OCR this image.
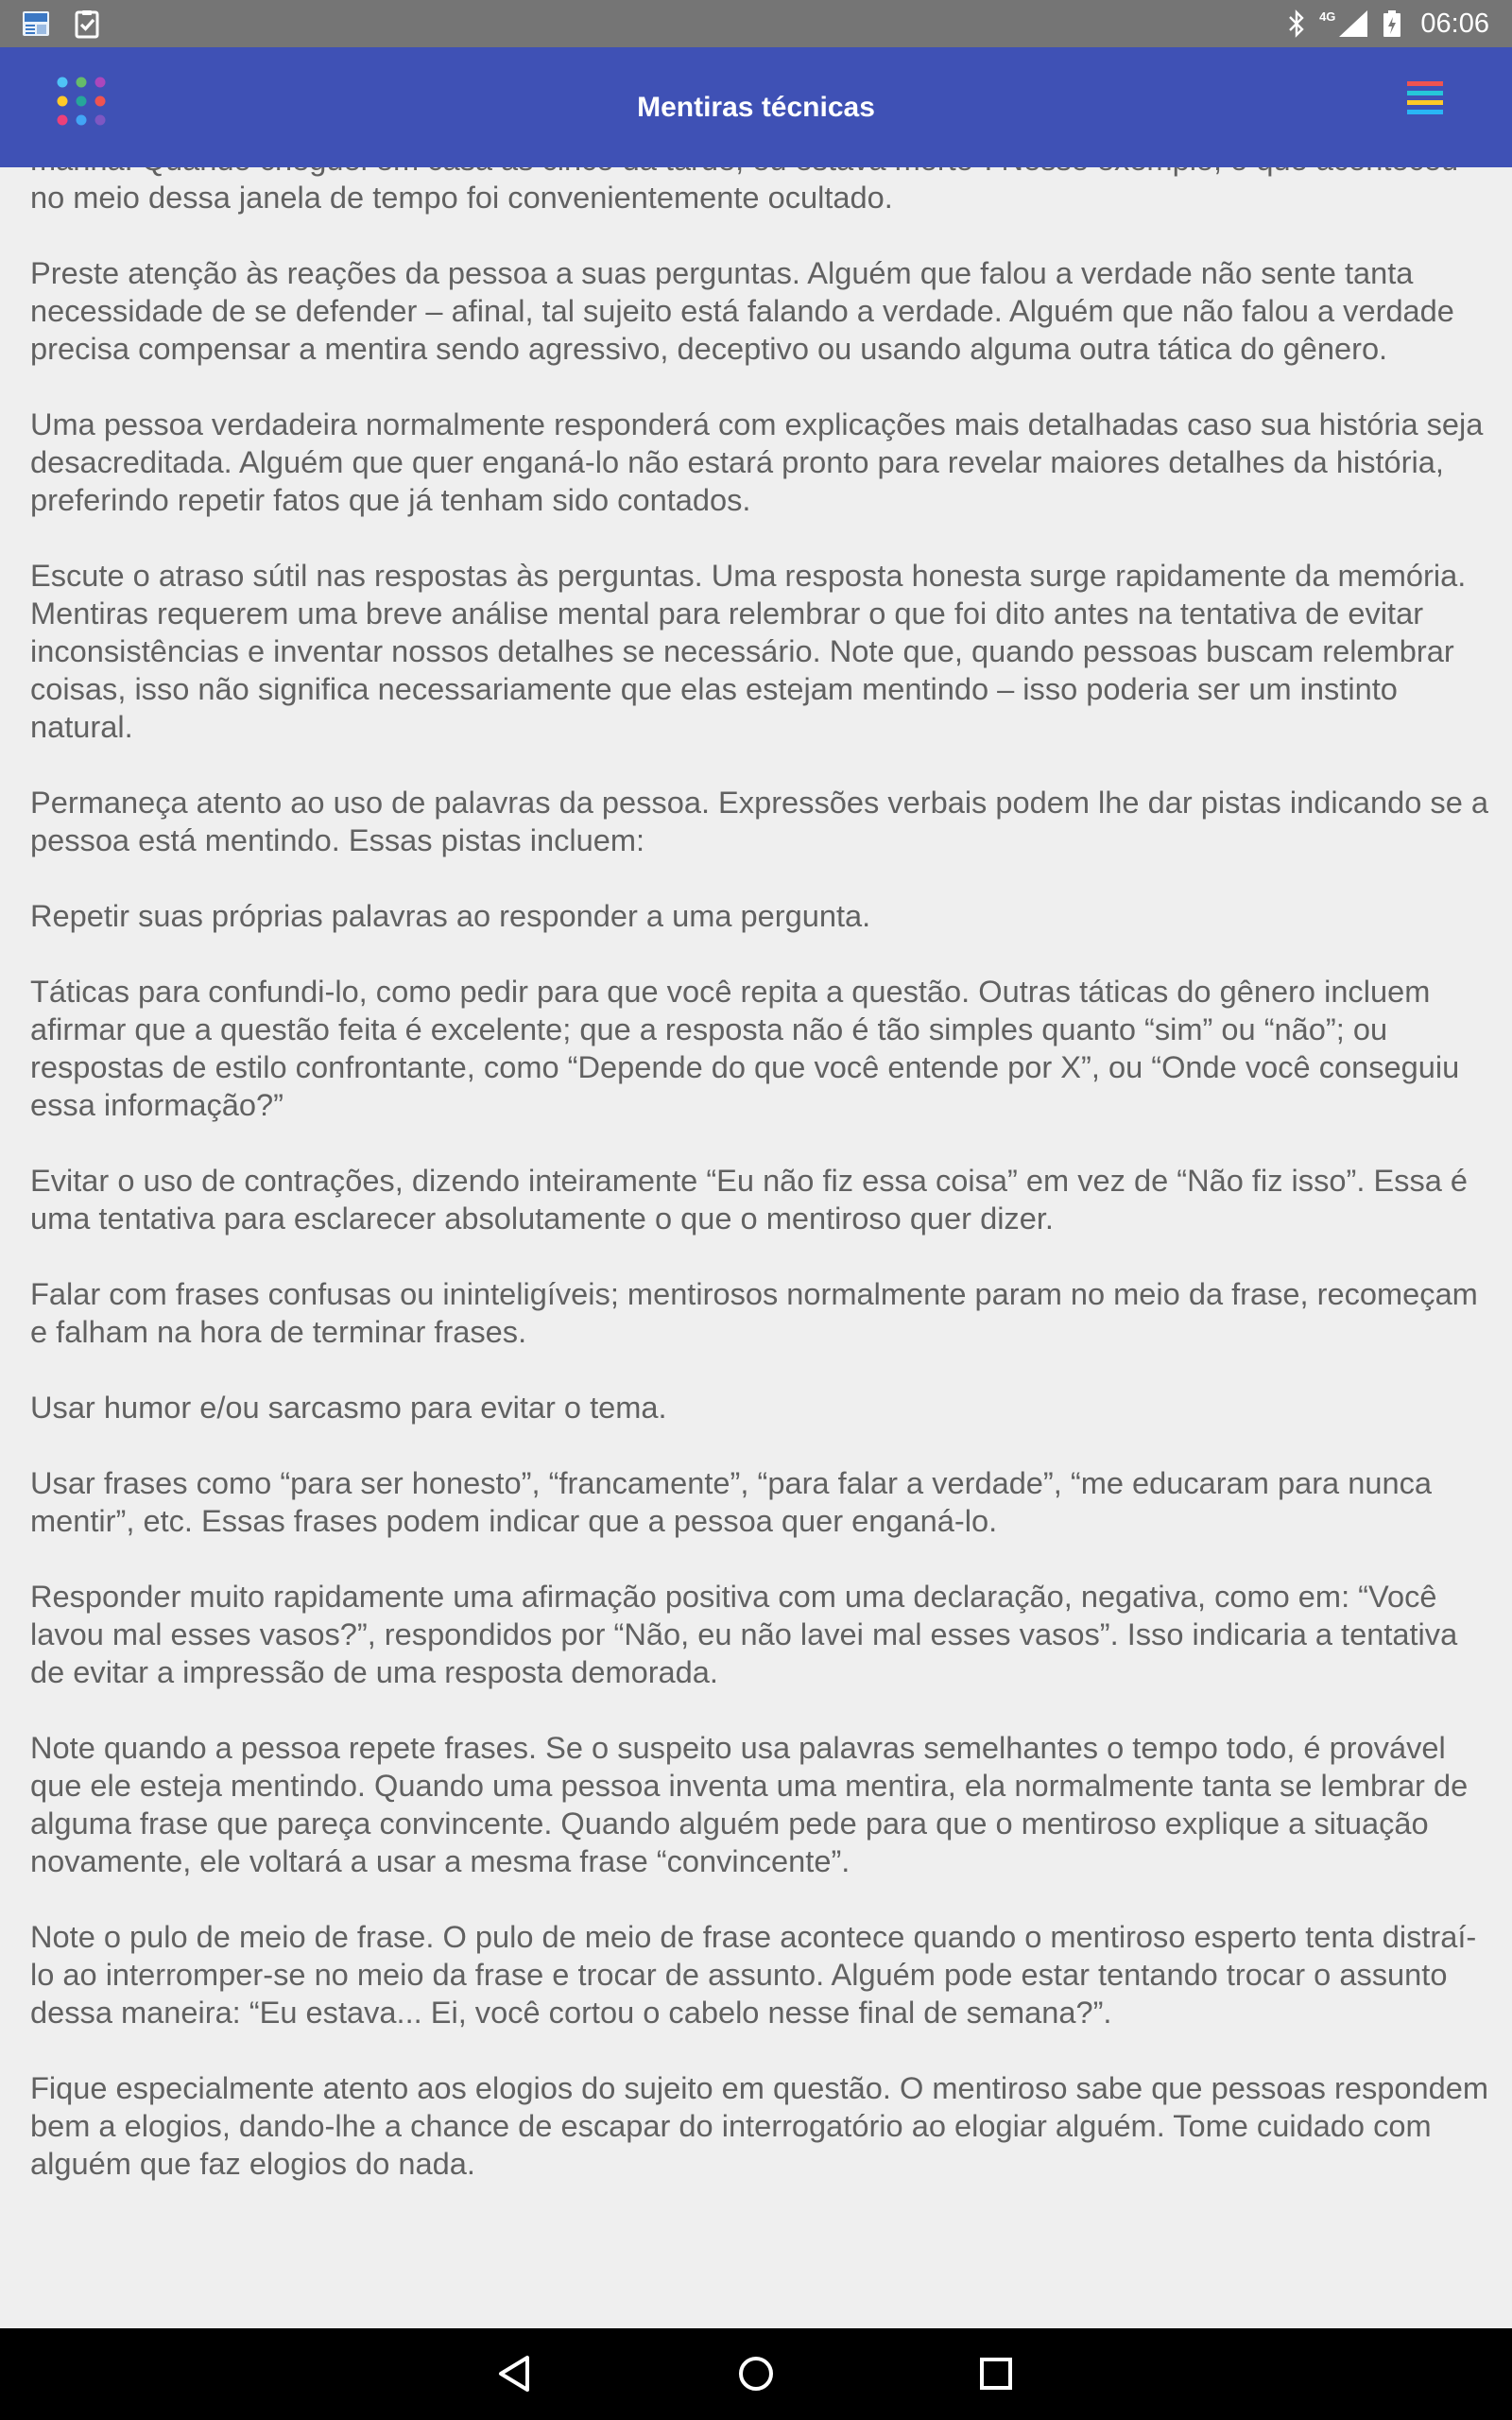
4G	06:06
Mentiras técnicas

no meio dessa janela de tempo foi convenientemente ocultado.

Preste atenção às reações da pessoa a suas perguntas. Alguém que falou a verdade não sente tanta necessidade de se defender – afinal, tal sujeito está falando a verdade. Alguém que não falou a verdade precisa compensar a mentira sendo agressivo, deceptivo ou usando alguma outra tática do gênero.

Uma pessoa verdadeira normalmente responderá com explicações mais detalhadas caso sua história seja desacreditada. Alguém que quer enganá-lo não estará pronto para revelar maiores detalhes da história, preferindo repetir fatos que já tenham sido contados.

Escute o atraso sútil nas respostas às perguntas. Uma resposta honesta surge rapidamente da memória. Mentiras requerem uma breve análise mental para relembrar o que foi dito antes na tentativa de evitar inconsistências e inventar nossos detalhes se necessário. Note que, quando pessoas buscam relembrar coisas, isso não significa necessariamente que elas estejam mentindo – isso poderia ser um instinto natural.

Permaneça atento ao uso de palavras da pessoa. Expressões verbais podem lhe dar pistas indicando se a pessoa está mentindo. Essas pistas incluem:

Repetir suas próprias palavras ao responder a uma pergunta.

Táticas para confundi-lo, como pedir para que você repita a questão. Outras táticas do gênero incluem afirmar que a questão feita é excelente; que a resposta não é tão simples quanto “sim” ou “não”; ou respostas de estilo confrontante, como “Depende do que você entende por X”, ou “Onde você conseguiu essa informação?”

Evitar o uso de contrações, dizendo inteiramente “Eu não fiz essa coisa” em vez de “Não fiz isso”. Essa é uma tentativa para esclarecer absolutamente o que o mentiroso quer dizer.

Falar com frases confusas ou ininteligíveis; mentirosos normalmente param no meio da frase, recomeçam e falham na hora de terminar frases.

Usar humor e/ou sarcasmo para evitar o tema.

Usar frases como “para ser honesto”, “francamente”, “para falar a verdade”, “me educaram para nunca mentir”, etc. Essas frases podem indicar que a pessoa quer enganá-lo.

Responder muito rapidamente uma afirmação positiva com uma declaração, negativa, como em: “Você lavou mal esses vasos?”, respondidos por “Não, eu não lavei mal esses vasos”. Isso indicaria a tentativa de evitar a impressão de uma resposta demorada.

Note quando a pessoa repete frases. Se o suspeito usa palavras semelhantes o tempo todo, é provável que ele esteja mentindo. Quando uma pessoa inventa uma mentira, ela normalmente tanta se lembrar de alguma frase que pareça convincente. Quando alguém pede para que o mentiroso explique a situação novamente, ele voltará a usar a mesma frase “convincente”.

Note o pulo de meio de frase. O pulo de meio de frase acontece quando o mentiroso esperto tenta distraí-lo ao interromper-se no meio da frase e trocar de assunto. Alguém pode estar tentando trocar o assunto dessa maneira: “Eu estava... Ei, você cortou o cabelo nesse final de semana?”.

Fique especialmente atento aos elogios do sujeito em questão. O mentiroso sabe que pessoas respondem bem a elogios, dando-lhe a chance de escapar do interrogatório ao elogiar alguém. Tome cuidado com alguém que faz elogios do nada.
